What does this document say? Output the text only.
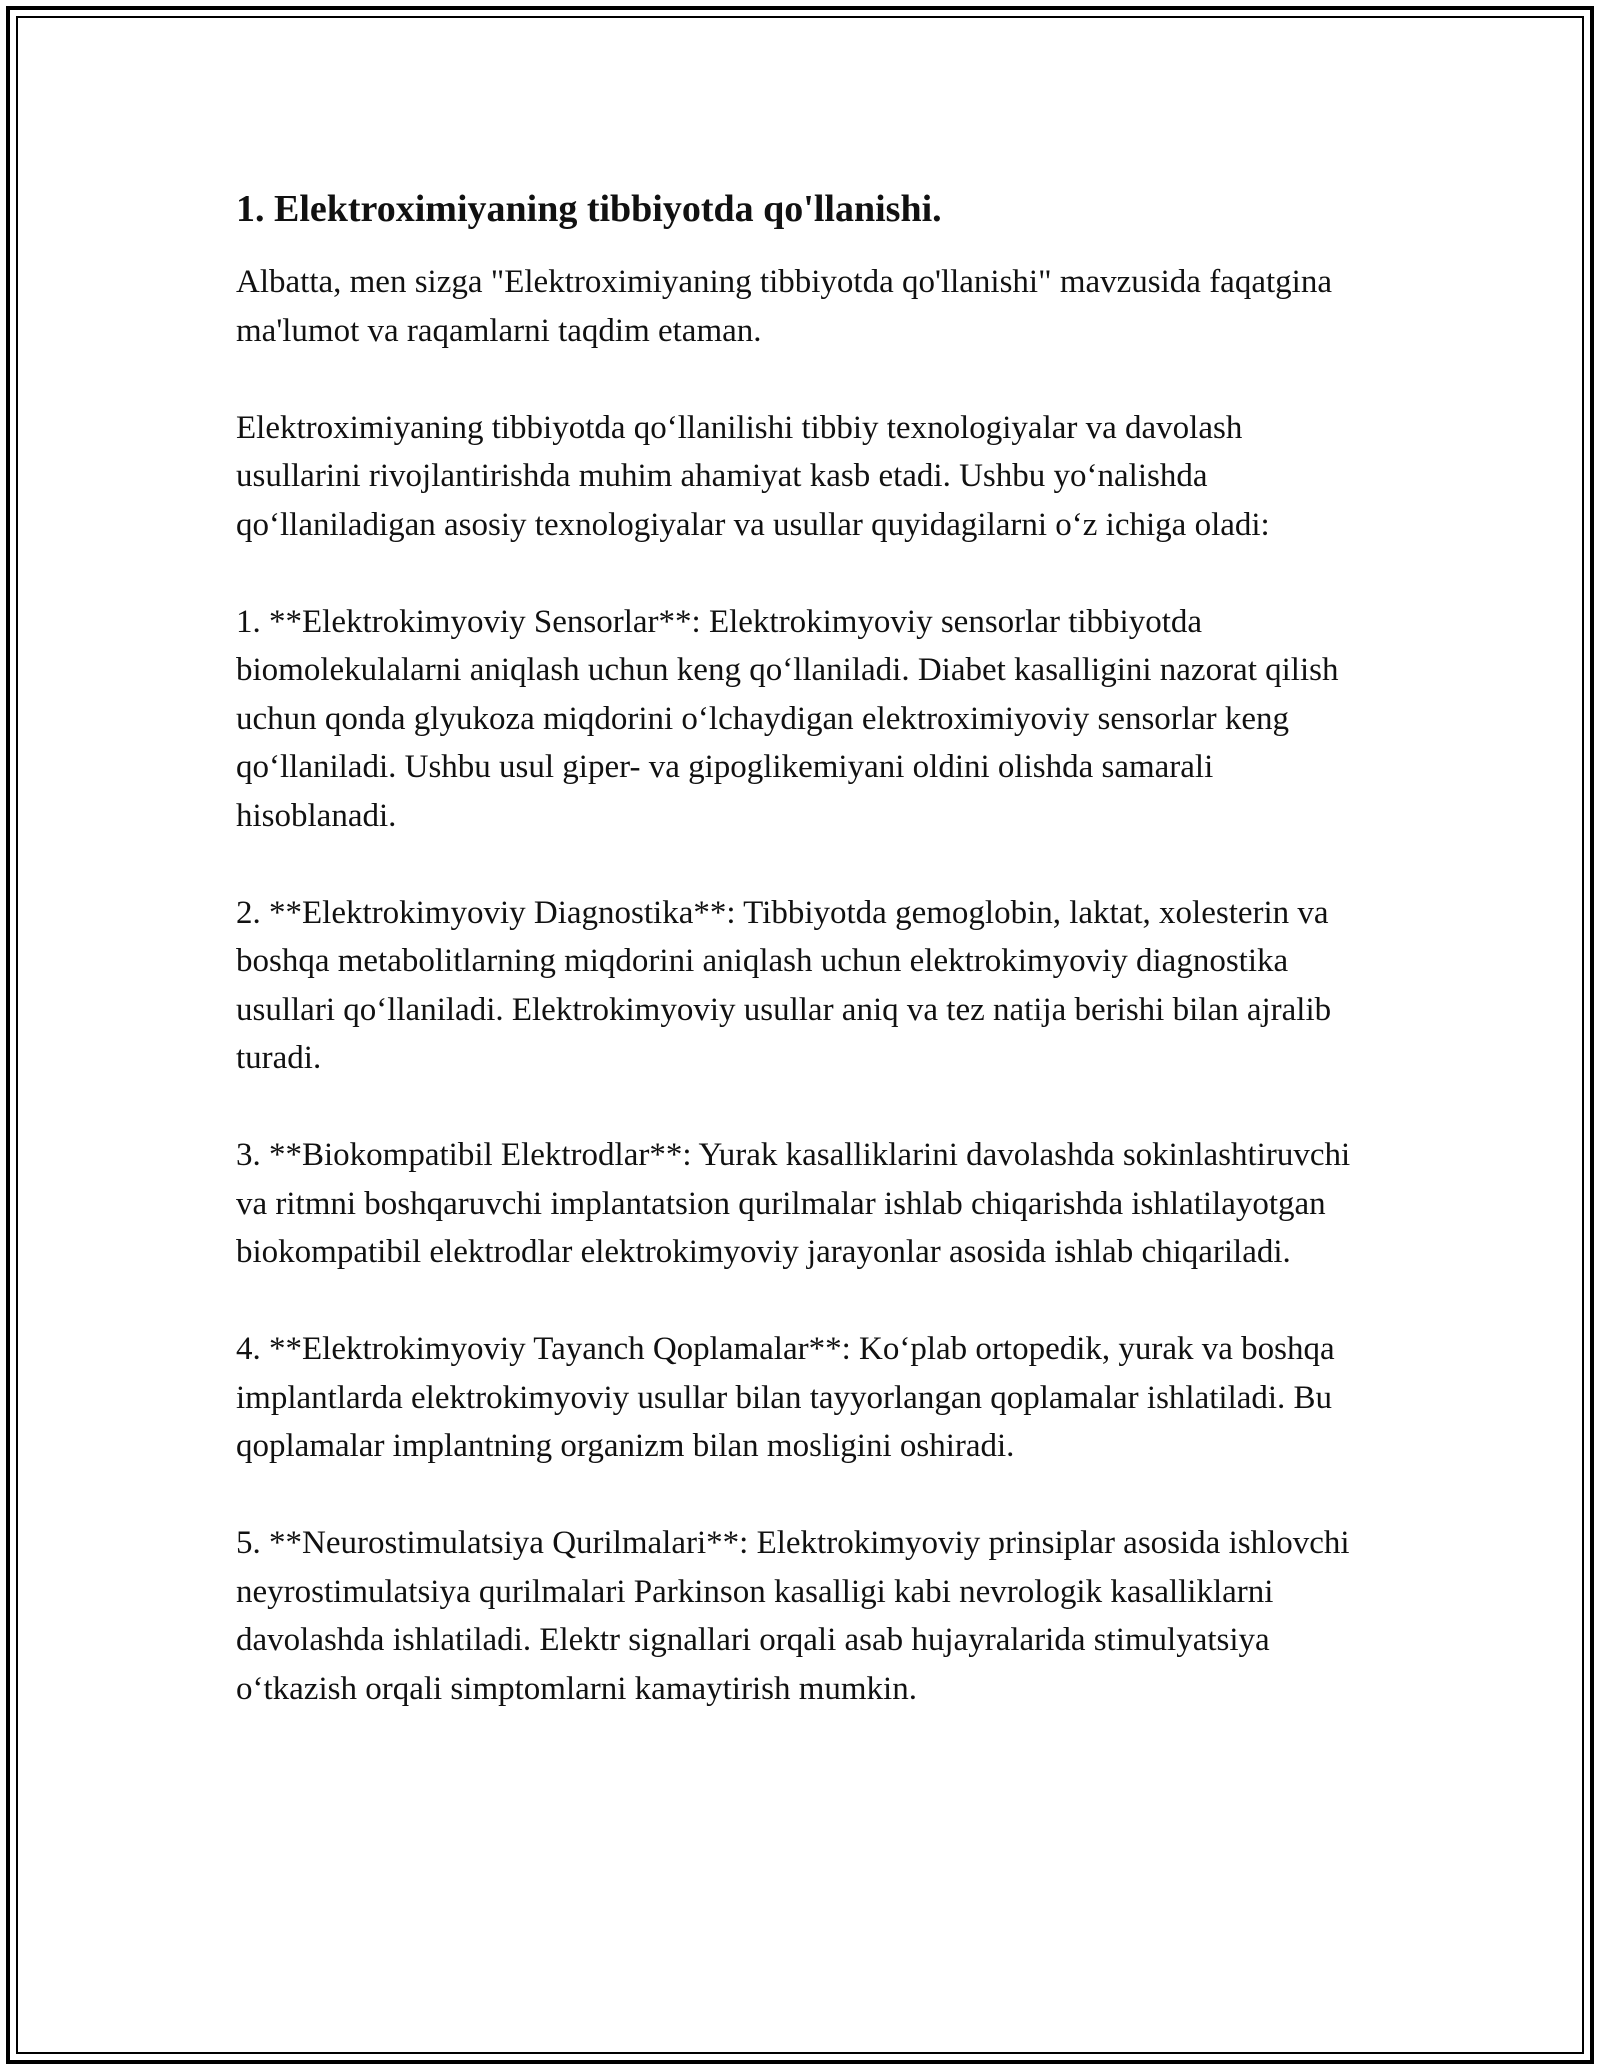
1. Elektroximiyaning tibbiyotda qo'llanishi.

Albatta, men sizga "Elektroximiyaning tibbiyotda qo'llanishi" mavzusida faqatgina ma'lumot va raqamlarni taqdim etaman.

Elektroximiyaning tibbiyotda qo‘llanilishi tibbiy texnologiyalar va davolash usullarini rivojlantirishda muhim ahamiyat kasb etadi. Ushbu yo‘nalishda qo‘llaniladigan asosiy texnologiyalar va usullar quyidagilarni o‘z ichiga oladi:

1. **Elektrokimyoviy Sensorlar**: Elektrokimyoviy sensorlar tibbiyotda biomolekulalarni aniqlash uchun keng qo‘llaniladi. Diabet kasalligini nazorat qilish uchun qonda glyukoza miqdorini o‘lchaydigan elektroximiyoviy sensorlar keng qo‘llaniladi. Ushbu usul giper- va gipoglikemiyani oldini olishda samarali hisoblanadi.

2. **Elektrokimyoviy Diagnostika**: Tibbiyotda gemoglobin, laktat, xolesterin va boshqa metabolitlarning miqdorini aniqlash uchun elektrokimyoviy diagnostika usullari qo‘llaniladi. Elektrokimyoviy usullar aniq va tez natija berishi bilan ajralib turadi.

3. **Biokompatibil Elektrodlar**: Yurak kasalliklarini davolashda sokinlashtiruvchi va ritmni boshqaruvchi implantatsion qurilmalar ishlab chiqarishda ishlatilayotgan biokompatibil elektrodlar elektrokimyoviy jarayonlar asosida ishlab chiqariladi.

4. **Elektrokimyoviy Tayanch Qoplamalar**: Ko‘plab ortopedik, yurak va boshqa implantlarda elektrokimyoviy usullar bilan tayyorlangan qoplamalar ishlatiladi. Bu qoplamalar implantning organizm bilan mosligini oshiradi.

5. **Neurostimulatsiya Qurilmalari**: Elektrokimyoviy prinsiplar asosida ishlovchi neyrostimulatsiya qurilmalari Parkinson kasalligi kabi nevrologik kasalliklarni davolashda ishlatiladi. Elektr signallari orqali asab hujayralarida stimulyatsiya o‘tkazish orqali simptomlarni kamaytirish mumkin.
